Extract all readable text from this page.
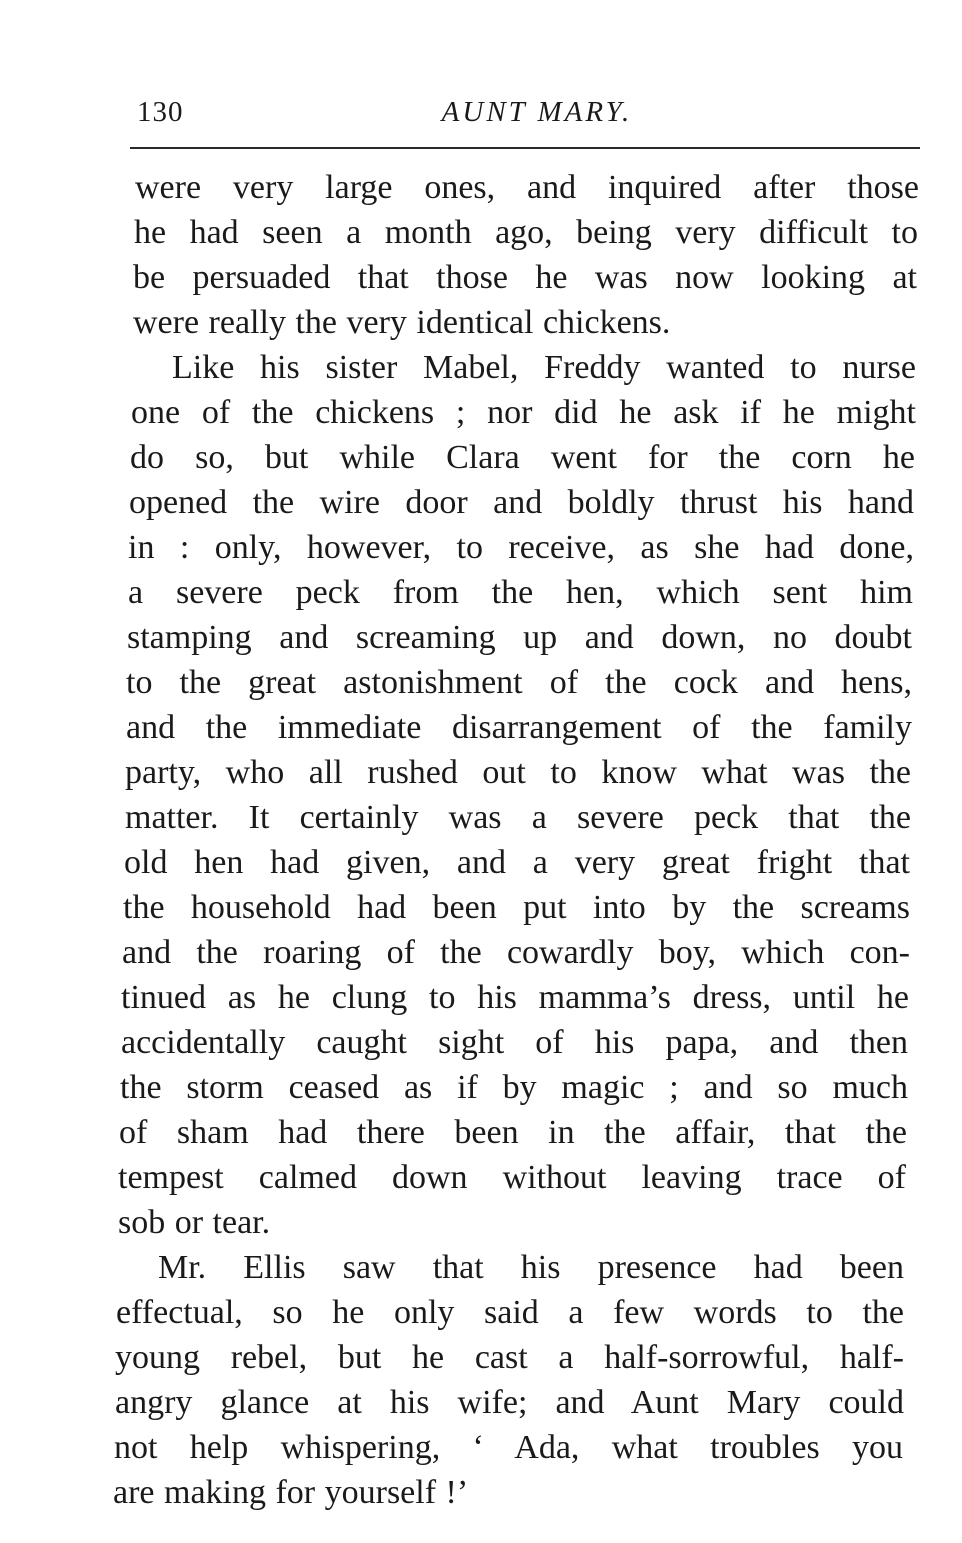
130	AUNT MARY.
were very large ones, and inquired after those
he had seen a month ago, being very difficult to
be persuaded that those he was now looking at
were really the very identical chickens.
Like his sister Mabel, Freddy wanted to nurse
one of the chickens ; nor did he ask if he might
do so, but while Clara went for the corn he
opened the wire door and boldly thrust his hand
in : only, however, to receive, as she had done,
a severe peck from the hen, which sent him
stamping and screaming up and down, no doubt
to the great astonishment of the cock and hens,
and the immediate disarrangement of the family
party, who all rushed out to know what was the
matter. It certainly was a severe peck that the
old hen had given, and a very great fright that
the household had been put into by the screams
and the roaring of the cowardly boy, which con-
tinued as he clung to his mamma’s dress, until he
accidentally caught sight of his papa, and then
the storm ceased as if by magic ; and so much
of sham had there been in the affair, that the
tempest calmed down without leaving trace of
sob or tear.
Mr. Ellis saw that his presence had been
effectual, so he only said a few words to the
young rebel, but he cast a half-sorrowful, half-
angry glance at his wife; and Aunt Mary could
not help whispering, ‘ Ada, what troubles you
are making for yourself !’
